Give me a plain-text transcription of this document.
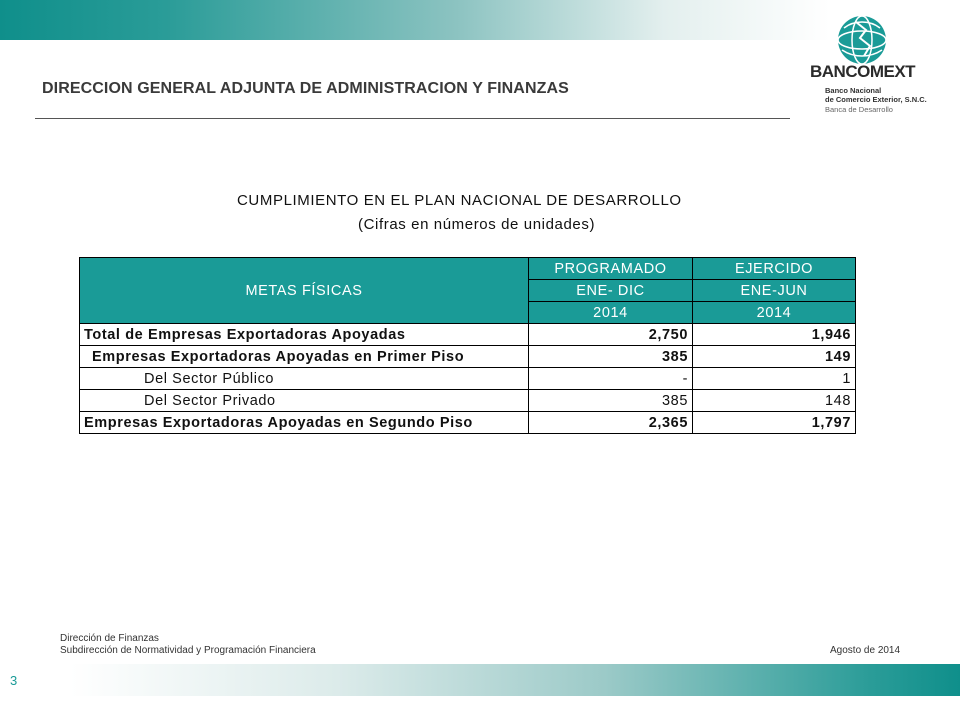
DIRECCION GENERAL ADJUNTA DE ADMINISTRACION Y FINANZAS
BANCOMEXT
Banco Nacional
de Comercio Exterior, S.N.C.
Banca de Desarrollo
CUMPLIMIENTO EN EL PLAN NACIONAL DE DESARROLLO
(Cifras en números de unidades)
METAS FÍSICAS	PROGRAMADO	EJERCIDO
	ENE- DIC	ENE-JUN
	2014	2014
Total de Empresas Exportadoras Apoyadas	2,750	1,946
Empresas Exportadoras Apoyadas en Primer Piso	385	149
Del Sector Público	-	1
Del Sector Privado	385	148
Empresas Exportadoras Apoyadas en Segundo Piso	2,365	1,797
Dirección de Finanzas
Subdirección de Normatividad y Programación Financiera	Agosto de 2014
3
